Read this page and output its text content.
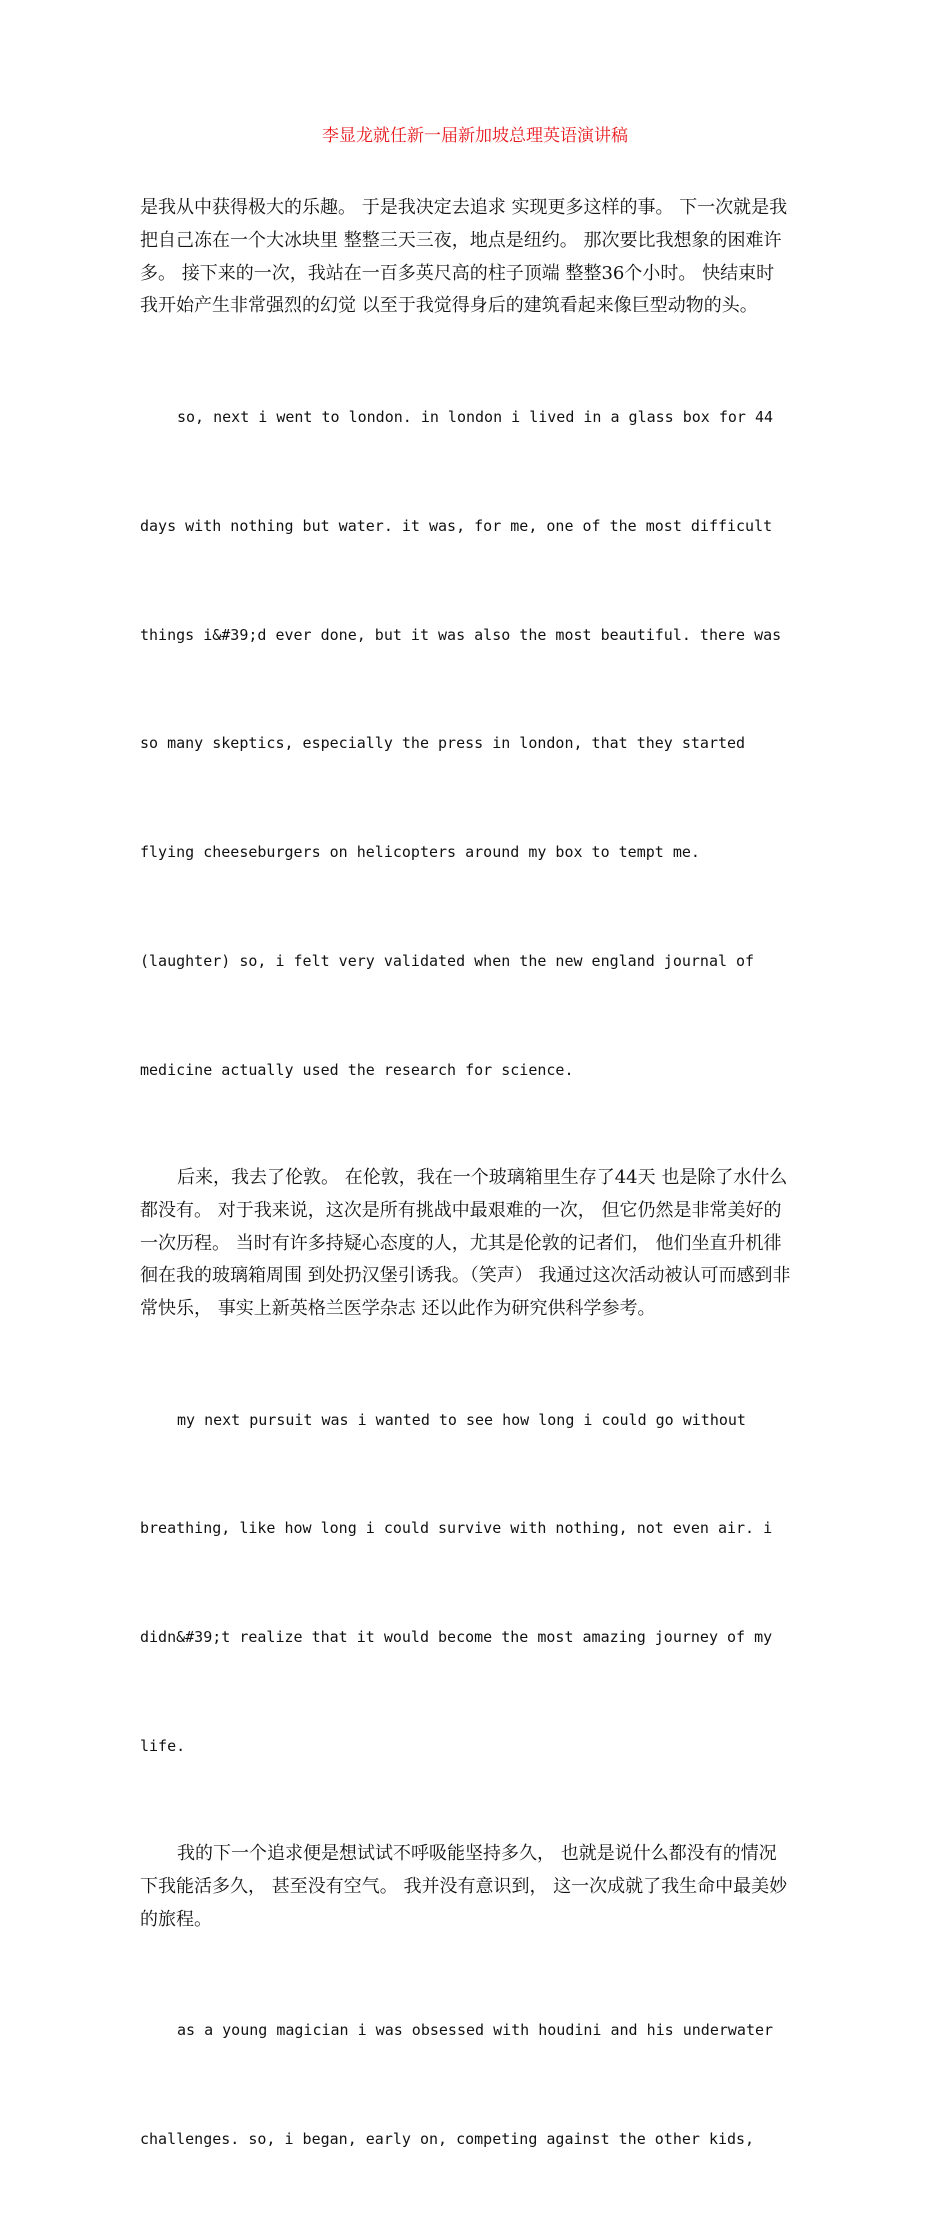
李显龙就任新一届新加坡总理英语演讲稿
是我从中获得极大的乐趣。 于是我决定去追求 实现更多这样的事。 下一次就是我
把自己冻在一个大冰块里 整整三天三夜，地点是纽约。 那次要比我想象的困难许
多。 接下来的一次，我站在一百多英尺高的柱子顶端 整整36个小时。 快结束时
我开始产生非常强烈的幻觉 以至于我觉得身后的建筑看起来像巨型动物的头。

so, next i went to london. in london i lived in a glass box for 44

days with nothing but water. it was, for me, one of the most difficult

things i&#39;d ever done, but it was also the most beautiful. there was

so many skeptics, especially the press in london, that they started

flying cheeseburgers on helicopters around my box to tempt me.

(laughter) so, i felt very validated when the new england journal of

medicine actually used the research for science.

后来，我去了伦敦。 在伦敦，我在一个玻璃箱里生存了44天 也是除了水什么
都没有。 对于我来说，这次是所有挑战中最艰难的一次， 但它仍然是非常美好的
一次历程。 当时有许多持疑心态度的人，尤其是伦敦的记者们， 他们坐直升机徘
徊在我的玻璃箱周围 到处扔汉堡引诱我。（笑声） 我通过这次活动被认可而感到非
常快乐， 事实上新英格兰医学杂志 还以此作为研究供科学参考。

my next pursuit was i wanted to see how long i could go without

breathing, like how long i could survive with nothing, not even air. i

didn&#39;t realize that it would become the most amazing journey of my

life.

我的下一个追求便是想试试不呼吸能坚持多久， 也就是说什么都没有的情况
下我能活多久， 甚至没有空气。 我并没有意识到， 这一次成就了我生命中最美妙
的旅程。

as a young magician i was obsessed with houdini and his underwater

challenges. so, i began, early on, competing against the other kids,
